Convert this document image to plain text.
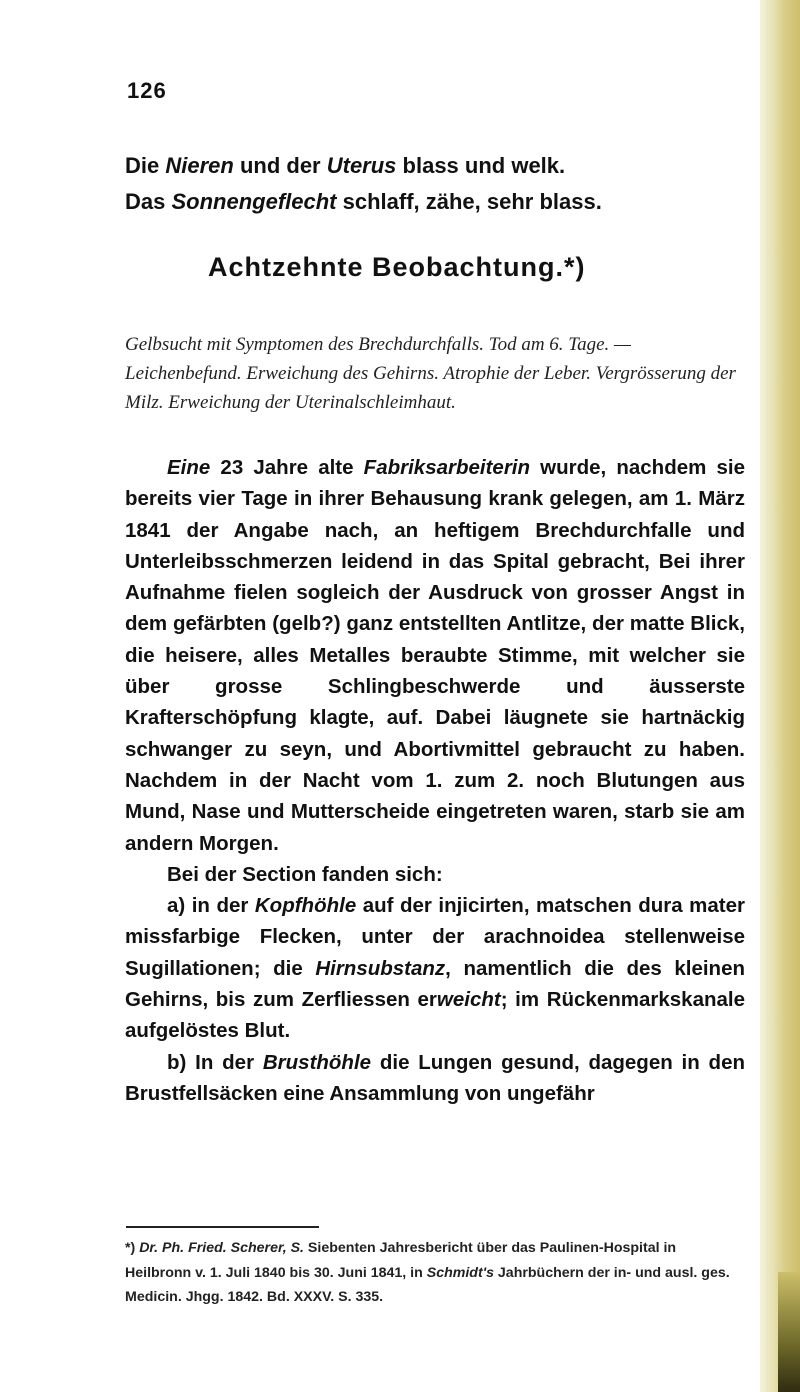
126
Die Nieren und der Uterus blass und welk.
Das Sonnengeflecht schlaff, zähe, sehr blass.
Achtzehnte Beobachtung.*)
Gelbsucht mit Symptomen des Brechdurchfalls. Tod am 6. Tage. — Leichenbefund. Erweichung des Gehirns. Atrophie der Leber. Vergrösserung der Milz. Erweichung der Uterinalschleimhaut.

Eine 23 Jahre alte Fabriksarbeiterin wurde, nachdem sie bereits vier Tage in ihrer Behausung krank gelegen, am 1. März 1841 der Angabe nach, an heftigem Brechdurchfalle und Unterleibsschmerzen leidend in das Spital gebracht, Bei ihrer Aufnahme fielen sogleich der Ausdruck von grosser Angst in dem gefärbten (gelb?) ganz entstellten Antlitze, der matte Blick, die heisere, alles Metalles beraubte Stimme, mit welcher sie über grosse Schlingbeschwerde und äusserste Krafterschöpfung klagte, auf. Dabei läugnete sie hartnäckig schwanger zu seyn, und Abortivmittel gebraucht zu haben. Nachdem in der Nacht vom 1. zum 2. noch Blutungen aus Mund, Nase und Mutterscheide eingetreten waren, starb sie am andern Morgen.

Bei der Section fanden sich:

a) in der Kopfhöhle auf der injicirten, matschen dura mater missfarbige Flecken, unter der arachnoidea stellenweise Sugillationen; die Hirnsubstanz, namentlich die des kleinen Gehirns, bis zum Zerfliessen erweicht; im Rückenmarkskanale aufgelöstes Blut.

b) In der Brusthöhle die Lungen gesund, dagegen in den Brustfellsäcken eine Ansammlung von ungefähr

*) Dr. Ph. Fried. Scherer, S. Siebenten Jahresbericht über das Paulinen-Hospital in Heilbronn v. 1. Juli 1840 bis 30. Juni 1841, in Schmidt's Jahrbüchern der in- und ausl. ges. Medicin. Jhgg. 1842. Bd. XXXV. S. 335.
